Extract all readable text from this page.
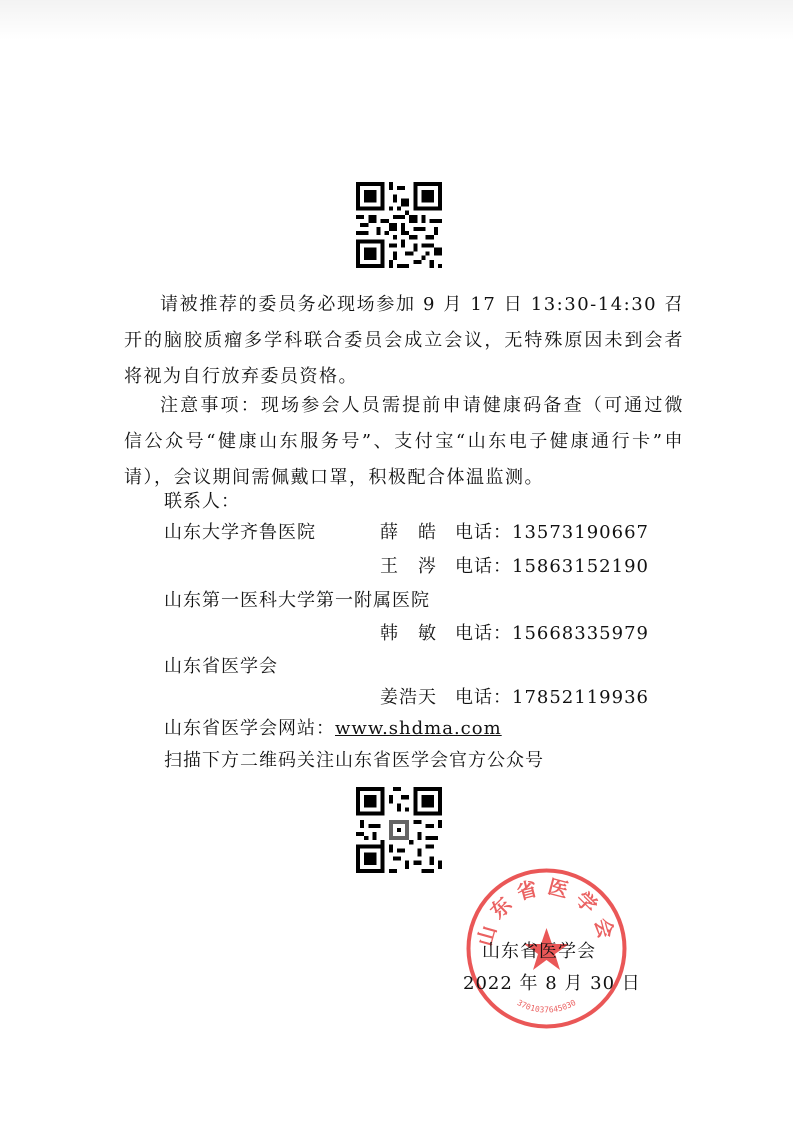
请被推荐的委员务必现场参加 9 月 17 日 13:30-14:30 召开的脑胶质瘤多学科联合委员会成立会议，无特殊原因未到会者将视为自行放弃委员资格。

注意事项：现场参会人员需提前申请健康码备查（可通过微信公众号“健康山东服务号”、支付宝“山东电子健康通行卡”申请），会议期间需佩戴口罩，积极配合体温监测。

联系人：
山东大学齐鲁医院	薛　皓 电话：13573190667
王　涔 电话：15863152190
山东第一医科大学第一附属医院
韩　敏 电话：15668335979
山东省医学会
姜浩天 电话：17852119936
山东省医学会网站：www.shdma.com
扫描下方二维码关注山东省医学会官方公众号
山东省医学会
3701037645030
山东省医学会
2022 年 8 月 30 日
